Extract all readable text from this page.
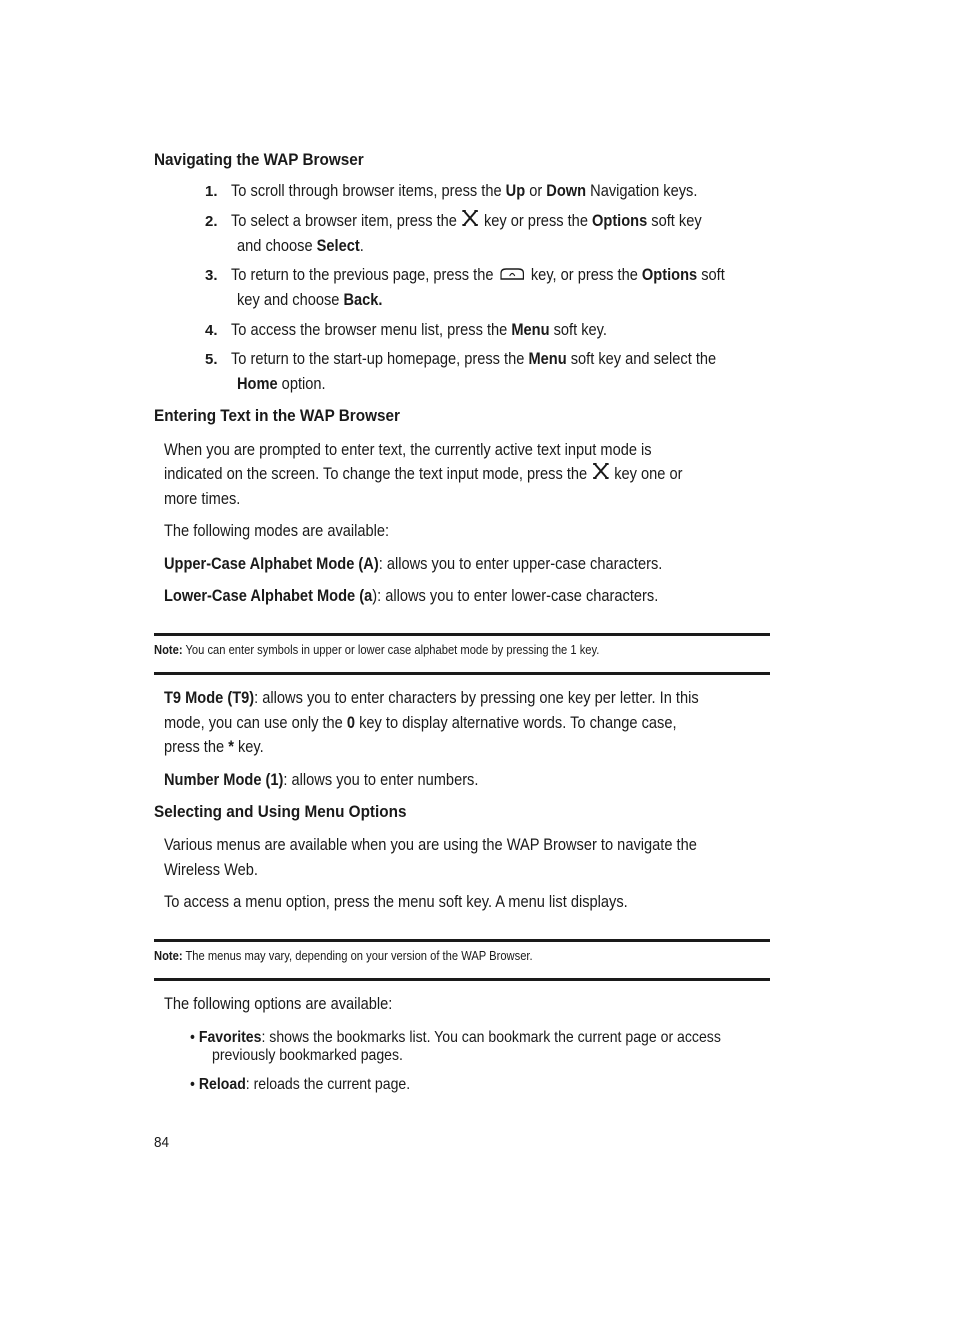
Navigating the WAP Browser
1. To scroll through browser items, press the Up or Down Navigation keys.
2. To select a browser item, press the  key or press the Options soft key
and choose Select.
3. To return to the previous page, press the  key, or press the Options soft
key and choose Back.
4. To access the browser menu list, press the Menu soft key.
5. To return to the start-up homepage, press the Menu soft key and select the
Home option.
Entering Text in the WAP Browser
When you are prompted to enter text, the currently active text input mode is
indicated on the screen. To change the text input mode, press the  key one or
more times.
The following modes are available:
Upper-Case Alphabet Mode (A): allows you to enter upper-case characters.
Lower-Case Alphabet Mode (a): allows you to enter lower-case characters.
Note: You can enter symbols in upper or lower case alphabet mode by pressing the 1 key.
T9 Mode (T9): allows you to enter characters by pressing one key per letter. In this
mode, you can use only the 0 key to display alternative words. To change case,
press the * key.
Number Mode (1): allows you to enter numbers.
Selecting and Using Menu Options
Various menus are available when you are using the WAP Browser to navigate the
Wireless Web.
To access a menu option, press the menu soft key. A menu list displays.
Note: The menus may vary, depending on your version of the WAP Browser.
The following options are available:
• Favorites: shows the bookmarks list. You can bookmark the current page or access
previously bookmarked pages.
• Reload: reloads the current page.
84
